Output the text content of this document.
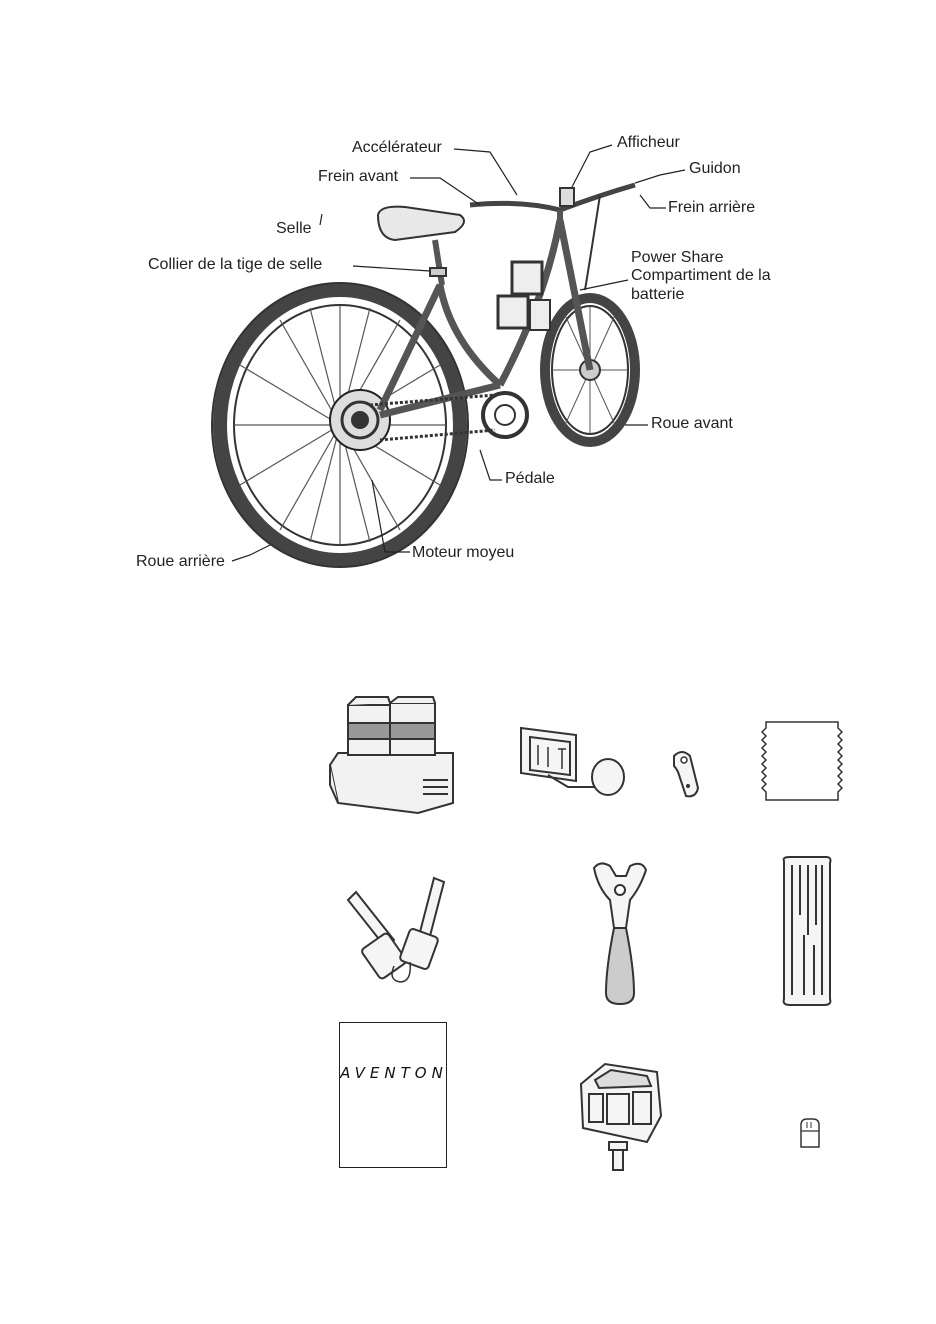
Accélérateur	Afficheur
Guidon
Frein avant
Frein arrière
Selle
Collier de la tige de selle	Power Share
Compartiment de la
batterie
Roue avant
Pédale
Moteur moyeu
Roue arrière
AVENTON
